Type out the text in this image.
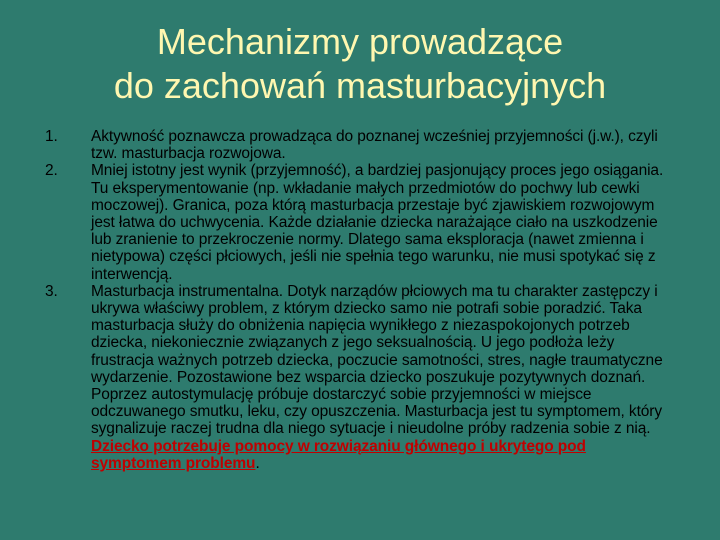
Mechanizmy prowadzące
do zachowań masturbacyjnych
1. Aktywność poznawcza prowadząca do poznanej wcześniej przyjemności (j.w.), czyli tzw. masturbacja rozwojowa.
2. Mniej istotny jest wynik (przyjemność), a bardziej pasjonujący proces jego osiągania. Tu eksperymentowanie (np. wkładanie małych przedmiotów do pochwy lub cewki moczowej). Granica, poza którą masturbacja przestaje być zjawiskiem rozwojowym jest łatwa do uchwycenia. Każde działanie dziecka narażające ciało na uszkodzenie lub zranienie to przekroczenie normy. Dlatego sama eksploracja (nawet zmienna i nietypowa) części płciowych, jeśli nie spełnia tego warunku, nie musi spotykać się z interwencją.
3. Masturbacja instrumentalna. Dotyk narządów płciowych ma tu charakter zastępczy i ukrywa właściwy problem, z którym dziecko samo nie potrafi sobie poradzić. Taka masturbacja służy do obniżenia napięcia wynikłego z niezaspokojonych potrzeb dziecka, niekoniecznie związanych z jego seksualnością. U jego podłoża leży frustracja ważnych potrzeb dziecka, poczucie samotności, stres, nagłe traumatyczne wydarzenie. Pozostawione bez wsparcia dziecko poszukuje pozytywnych doznań. Poprzez autostymulację próbuje dostarczyć sobie przyjemności w miejsce odczuwanego smutku, leku, czy opuszczenia. Masturbacja jest tu symptomem, który sygnalizuje raczej trudna dla niego sytuacje i nieudolne próby radzenia sobie z nią. Dziecko potrzebuje pomocy w rozwiązaniu głównego i ukrytego pod symptomem problemu.
